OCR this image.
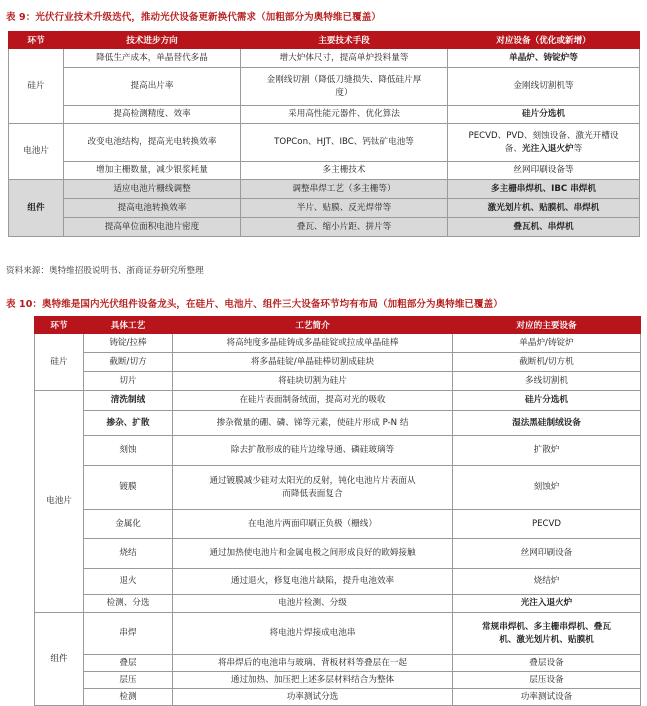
表 9：光伏行业技术升级迭代，推动光伏设备更新换代需求（加粗部分为奥特维已覆盖）
环节	技术进步方向	主要技术手段	对应设备（优化或新增）
硅片	降低生产成本，单晶替代多晶	增大炉体尺寸，提高单炉投料量等	单晶炉、铸锭炉等
	提高出片率	金刚线切割（降低刀缝损失、降低硅片厚
度）	金刚线切割机等
	提高检测精度、效率	采用高性能元器件、优化算法	硅片分选机
电池片	改变电池结构，提高光电转换效率	TOPCon、HJT、IBC、钙钛矿电池等	PECVD、PVD、刻蚀设备、激光开槽设
备、光注入退火炉等
	增加主栅数量，减少银浆耗量	多主栅技术	丝网印刷设备等
组件	适应电池片栅线调整	调整串焊工艺（多主栅等）	多主栅串焊机、IBC 串焊机
	提高电池转换效率	半片、贴膜、反光焊带等	激光划片机、贴膜机、串焊机
	提高单位面积电池片密度	叠瓦、缩小片距、拼片等	叠瓦机、串焊机
资料来源：奥特维招股说明书、浙商证券研究所整理
表 10：奥特维是国内光伏组件设备龙头，在硅片、电池片、组件三大设备环节均有布局（加粗部分为奥特维已覆盖）
环节	具体工艺	工艺简介	对应的主要设备
硅片	铸锭/拉棒	将高纯度多晶硅铸成多晶硅锭或拉成单晶硅棒	单晶炉/铸锭炉
	截断/切方	将多晶硅锭/单晶硅棒切割成硅块	截断机/切方机
	切片	将硅块切割为硅片	多线切割机
电池片	清洗制绒	在硅片表面制备绒面，提高对光的吸收	硅片分选机
	掺杂、扩散	掺杂微量的硼、磷、锑等元素，使硅片形成 P-N 结	湿法黑硅制绒设备
	刻蚀	除去扩散形成的硅片边缘导通、磷硅玻璃等	扩散炉
	镀膜	通过镀膜减少硅对太阳光的反射，钝化电池片片表面从
而降低表面复合	刻蚀炉
	金属化	在电池片两面印刷正负极（栅线）	PECVD
	烧结	通过加热使电池片和金属电极之间形成良好的欧姆接触	丝网印刷设备
	退火	通过退火，修复电池片缺陷，提升电池效率	烧结炉
	检测、分选	电池片检测、分级	光注入退火炉
组件	串焊	将电池片焊接成电池串	常规串焊机、多主栅串焊机、叠瓦
机、激光划片机、贴膜机
	叠层	将串焊后的电池串与玻璃、背板材料等叠层在一起	叠层设备
	层压	通过加热、加压把上述多层材料结合为整体	层压设备
	检测	功率测试分选	功率测试设备
